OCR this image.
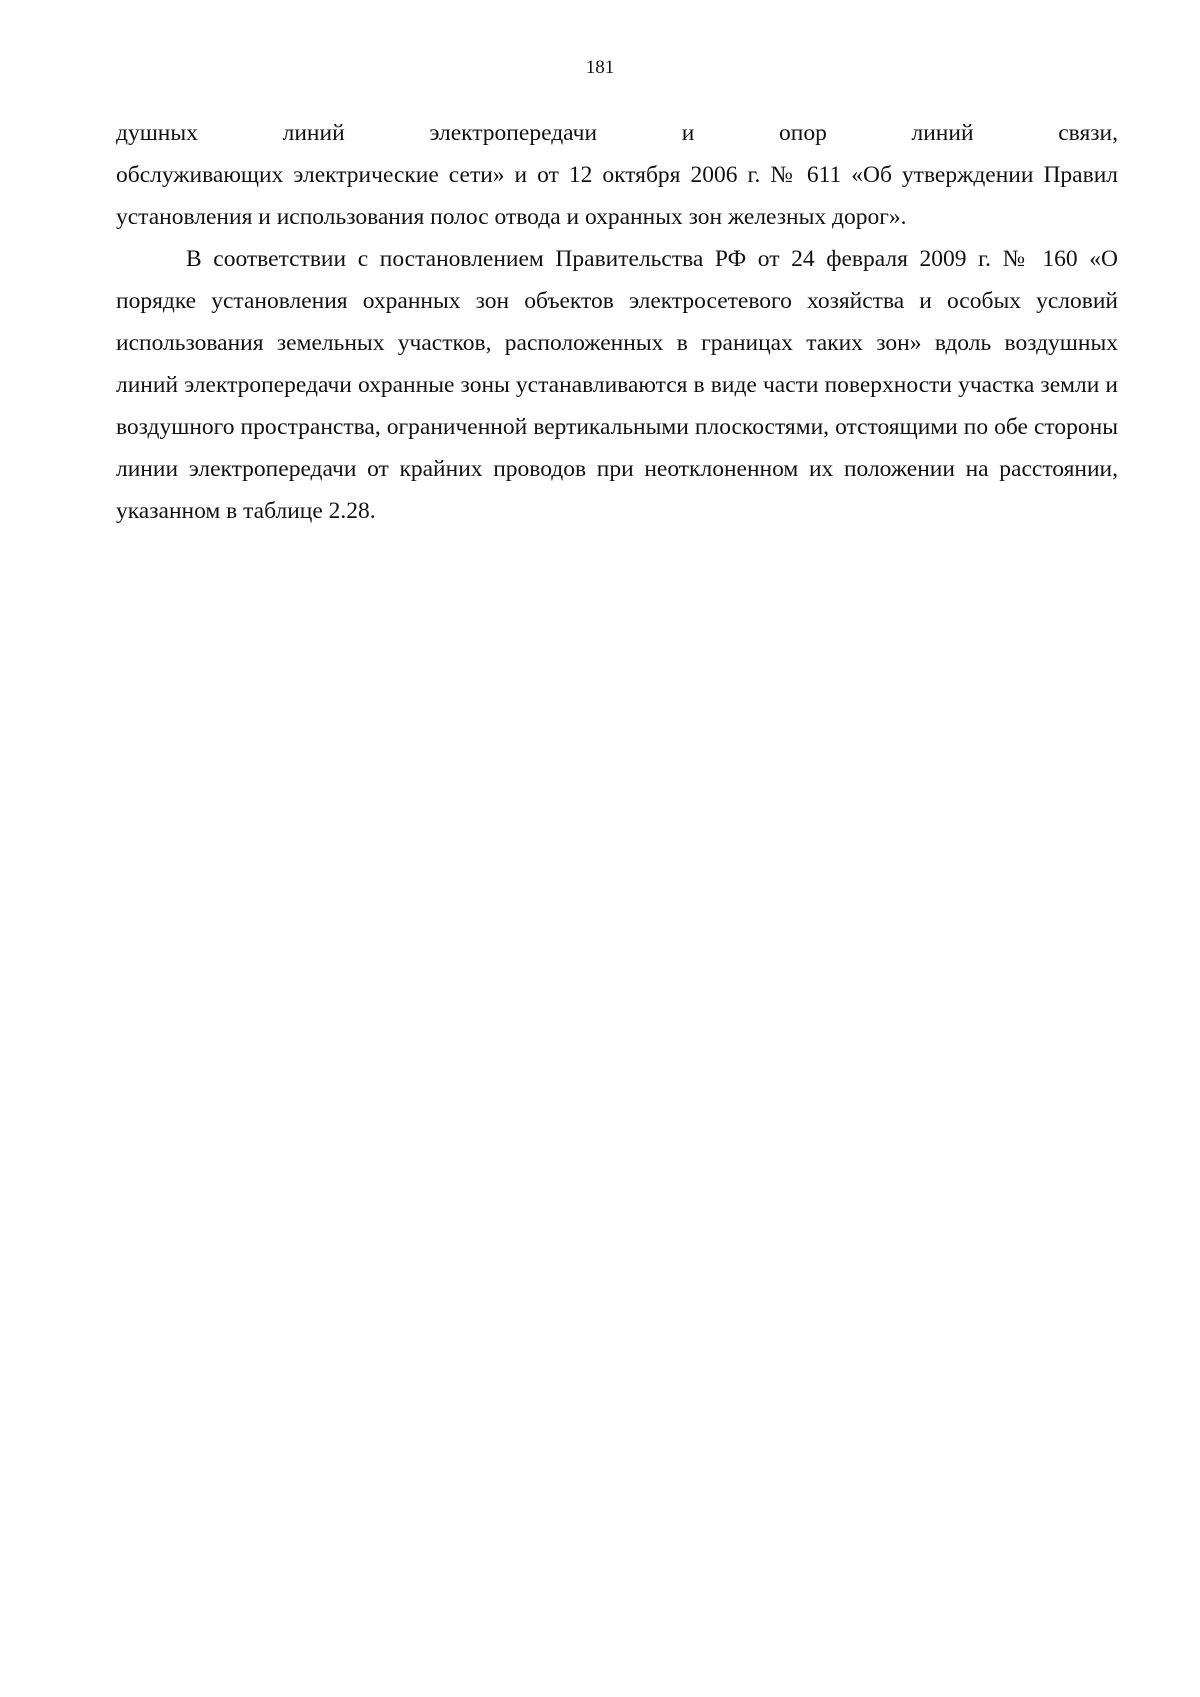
181

душных линий электропередачи и опор линий связи,
обслуживающих электрические сети» и от 12 октября 2006 г. № 611 «Об утверждении Правил установления и использования полос отвода и охранных зон железных дорог».

В соответствии с постановлением Правительства РФ от 24 февраля 2009 г. № 160 «О порядке установления охранных зон объектов электросетевого хозяйства и особых условий использования земельных участков, расположенных в границах таких зон» вдоль воздушных линий электропередачи охранные зоны устанавливаются в виде части поверхности участка земли и воздушного пространства, ограниченной вертикальными плоскостями, отстоящими по обе стороны линии электропередачи от крайних проводов при неотклоненном их положении на расстоянии, указанном в таблице 2.28.
